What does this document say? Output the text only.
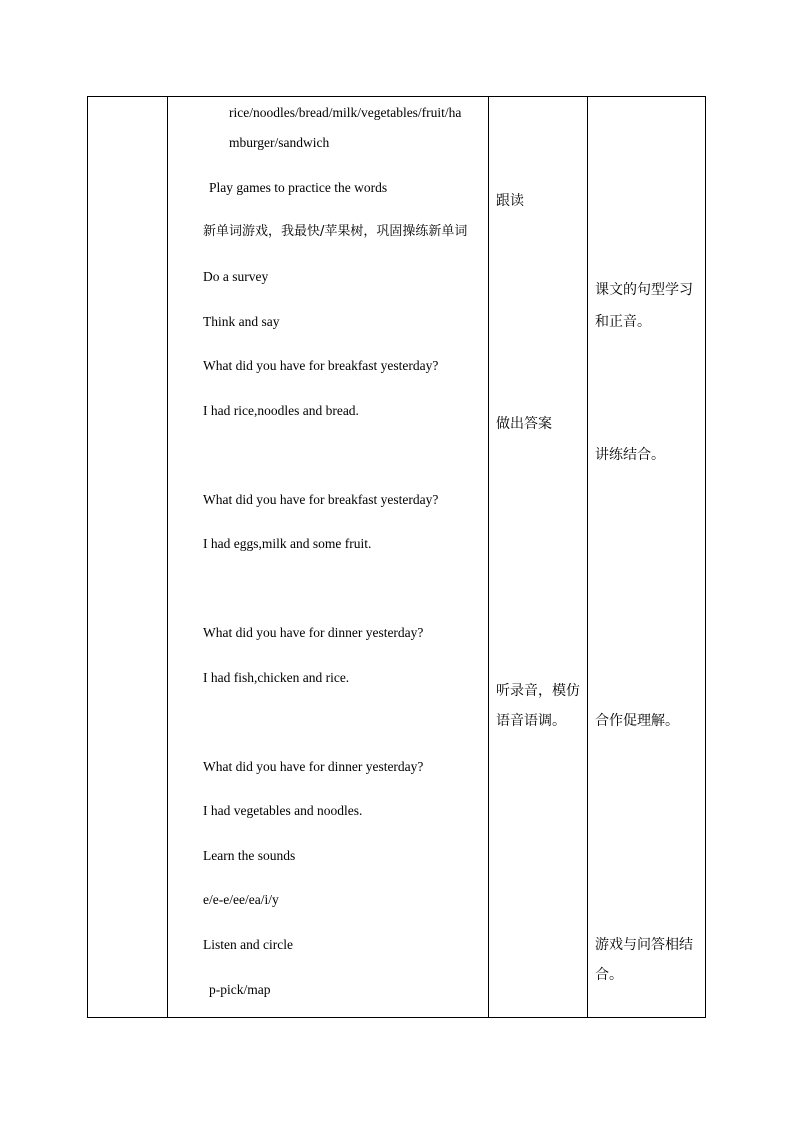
rice/noodles/bread/milk/vegetables/fruit/ha
mburger/sandwich
Play games to practice the words
新单词游戏，我最快/苹果树，巩固操练新单词
Do a survey
Think and say
What did you have for breakfast yesterday?
I had rice,noodles and bread.
What did you have for breakfast yesterday?
I had eggs,milk and some fruit.
What did you have for dinner yesterday?
I had fish,chicken and rice.
What did you have for dinner yesterday?
I had vegetables and noodles.
Learn the sounds
e/e-e/ee/ea/i/y
Listen and circle
p-pick/map
跟读
做出答案
听录音，模仿
语音语调。
课文的句型学习
和正音。
讲练结合。
合作促理解。
游戏与问答相结
合。
